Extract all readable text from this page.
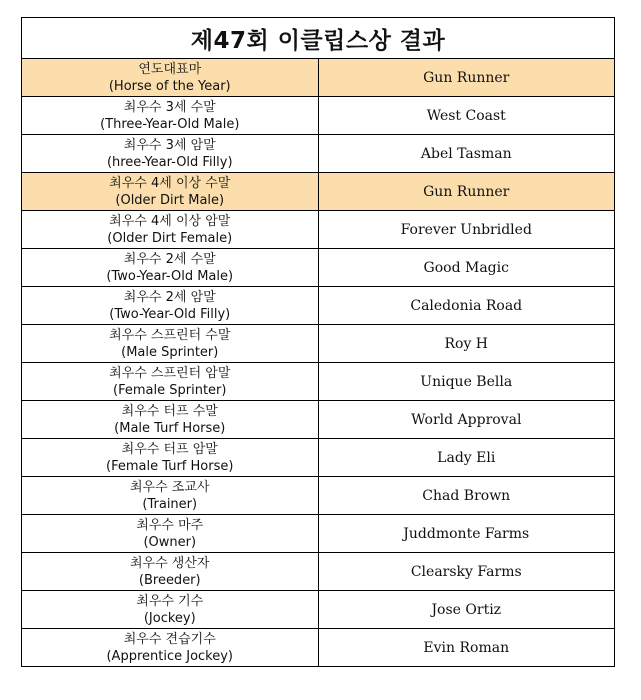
제47회 이클립스상 결과	

연도대표마
(Horse of the Year)	Gun Runner

최우수 3세 수말
(Three-Year-Old Male)	West Coast

최우수 3세 암말
(hree-Year-Old Filly)	Abel Tasman

최우수 4세 이상 수말
(Older Dirt Male)	Gun Runner

최우수 4세 이상 암말
(Older Dirt Female)	Forever Unbridled

최우수 2세 수말
(Two-Year-Old Male)	Good Magic

최우수 2세 암말
(Two-Year-Old Filly)	Caledonia Road

최우수 스프린터 수말
(Male Sprinter)	Roy H

최우수 스프린터 암말
(Female Sprinter)	Unique Bella

최우수 터프 수말
(Male Turf Horse)	World Approval

최우수 터프 암말
(Female Turf Horse)	Lady Eli

최우수 조교사
(Trainer)	Chad Brown

최우수 마주
(Owner)	Juddmonte Farms

최우수 생산자
(Breeder)	Clearsky Farms

최우수 기수
(Jockey)	Jose Ortiz

최우수 견습기수
(Apprentice Jockey)	Evin Roman
